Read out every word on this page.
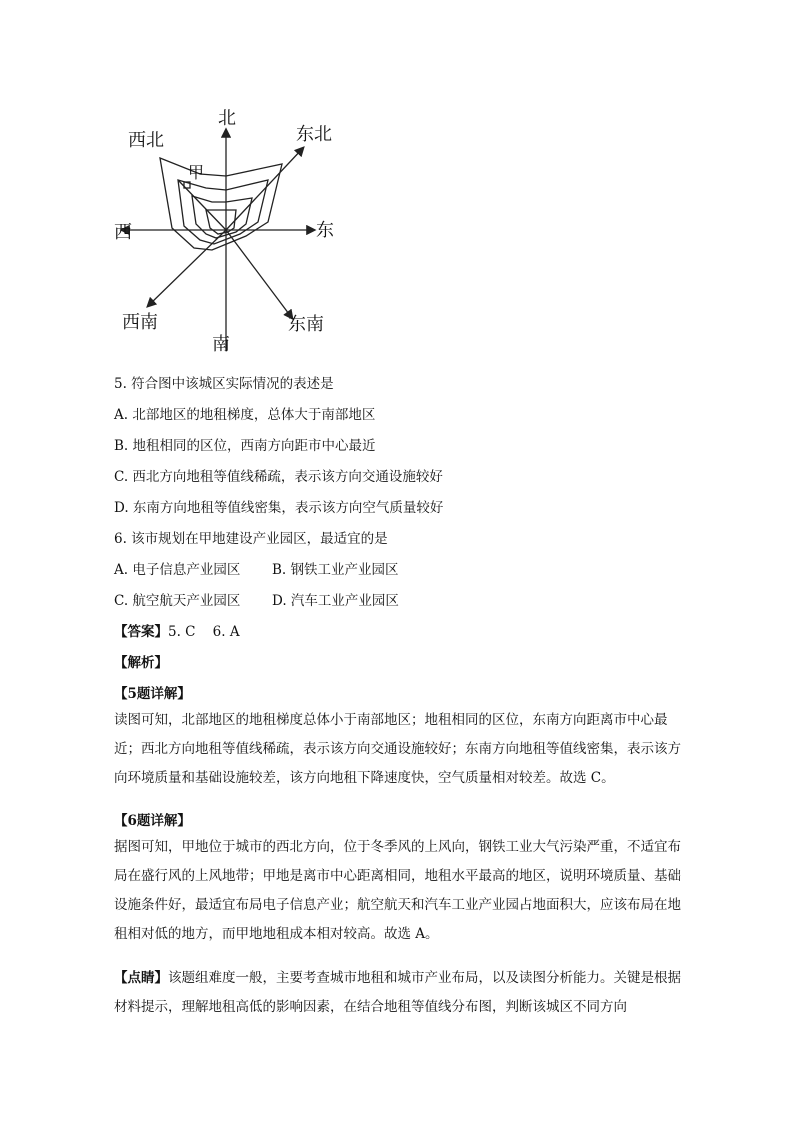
北
西北	东北
西	东
西南	东南
南
甲
5. 符合图中该城区实际情况的表述是
A. 北部地区的地租梯度，总体大于南部地区
B. 地租相同的区位，西南方向距市中心最近
C. 西北方向地租等值线稀疏，表示该方向交通设施较好
D. 东南方向地租等值线密集，表示该方向空气质量较好
6. 该市规划在甲地建设产业园区，最适宜的是
A. 电子信息产业园区 B. 钢铁工业产业园区
C. 航空航天产业园区 D. 汽车工业产业园区
【答案】5. C    6. A
【解析】
【5题详解】
读图可知，北部地区的地租梯度总体小于南部地区；地租相同的区位，东南方向距离市中心最近；西北方向地租等值线稀疏，表示该方向交通设施较好；东南方向地租等值线密集，表示该方向环境质量和基础设施较差，该方向地租下降速度快，空气质量相对较差。故选 C。
【6题详解】
据图可知，甲地位于城市的西北方向，位于冬季风的上风向，钢铁工业大气污染严重，不适宜布局在盛行风的上风地带；甲地是离市中心距离相同，地租水平最高的地区，说明环境质量、基础设施条件好，最适宜布局电子信息产业；航空航天和汽车工业产业园占地面积大，应该布局在地租相对低的地方，而甲地地租成本相对较高。故选 A。
【点睛】该题组难度一般，主要考查城市地租和城市产业布局，以及读图分析能力。关键是根据材料提示，理解地租高低的影响因素，在结合地租等值线分布图，判断该城区不同方向
